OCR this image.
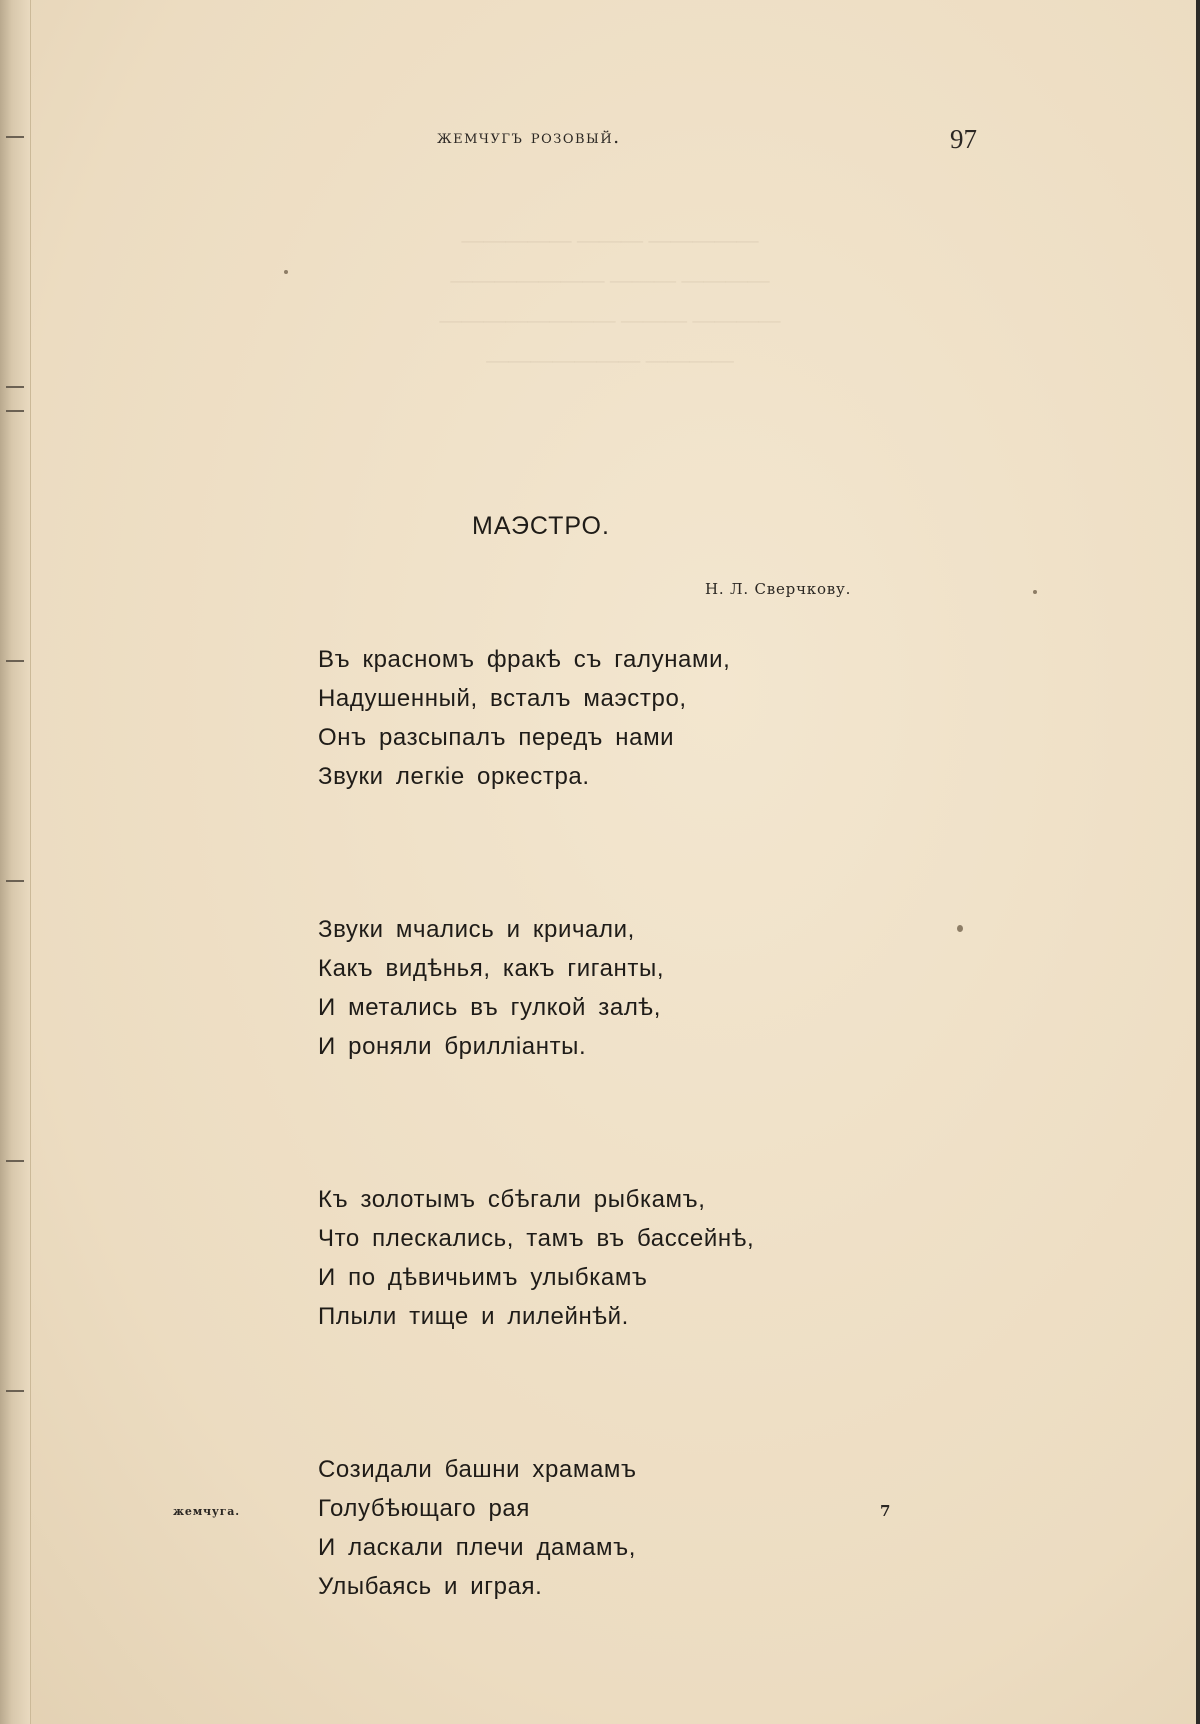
————— ——— —————
———— ——— ———————
———— ——— ————————
———— ———————
жемчугъ розовый.	97
МАЭСТРО.
Н. Л. Сверчкову.
Въ красномъ фракѣ съ галунами,
Надушенный, всталъ маэстро,
Онъ разсыпалъ передъ нами
Звуки легкіе оркестра.
Звуки мчались и кричали,
Какъ видѣнья, какъ гиганты,
И метались въ гулкой залѣ,
И роняли брилліанты.
Къ золотымъ сбѣгали рыбкамъ,
Что плескались, тамъ въ бассейнѣ,
И по дѣвичьимъ улыбкамъ
Плыли тище и лилейнѣй.
Созидали башни храмамъ
Голубѣющаго рая
И ласкали плечи дамамъ,
Улыбаясь и играя.
жемчуга.	7
